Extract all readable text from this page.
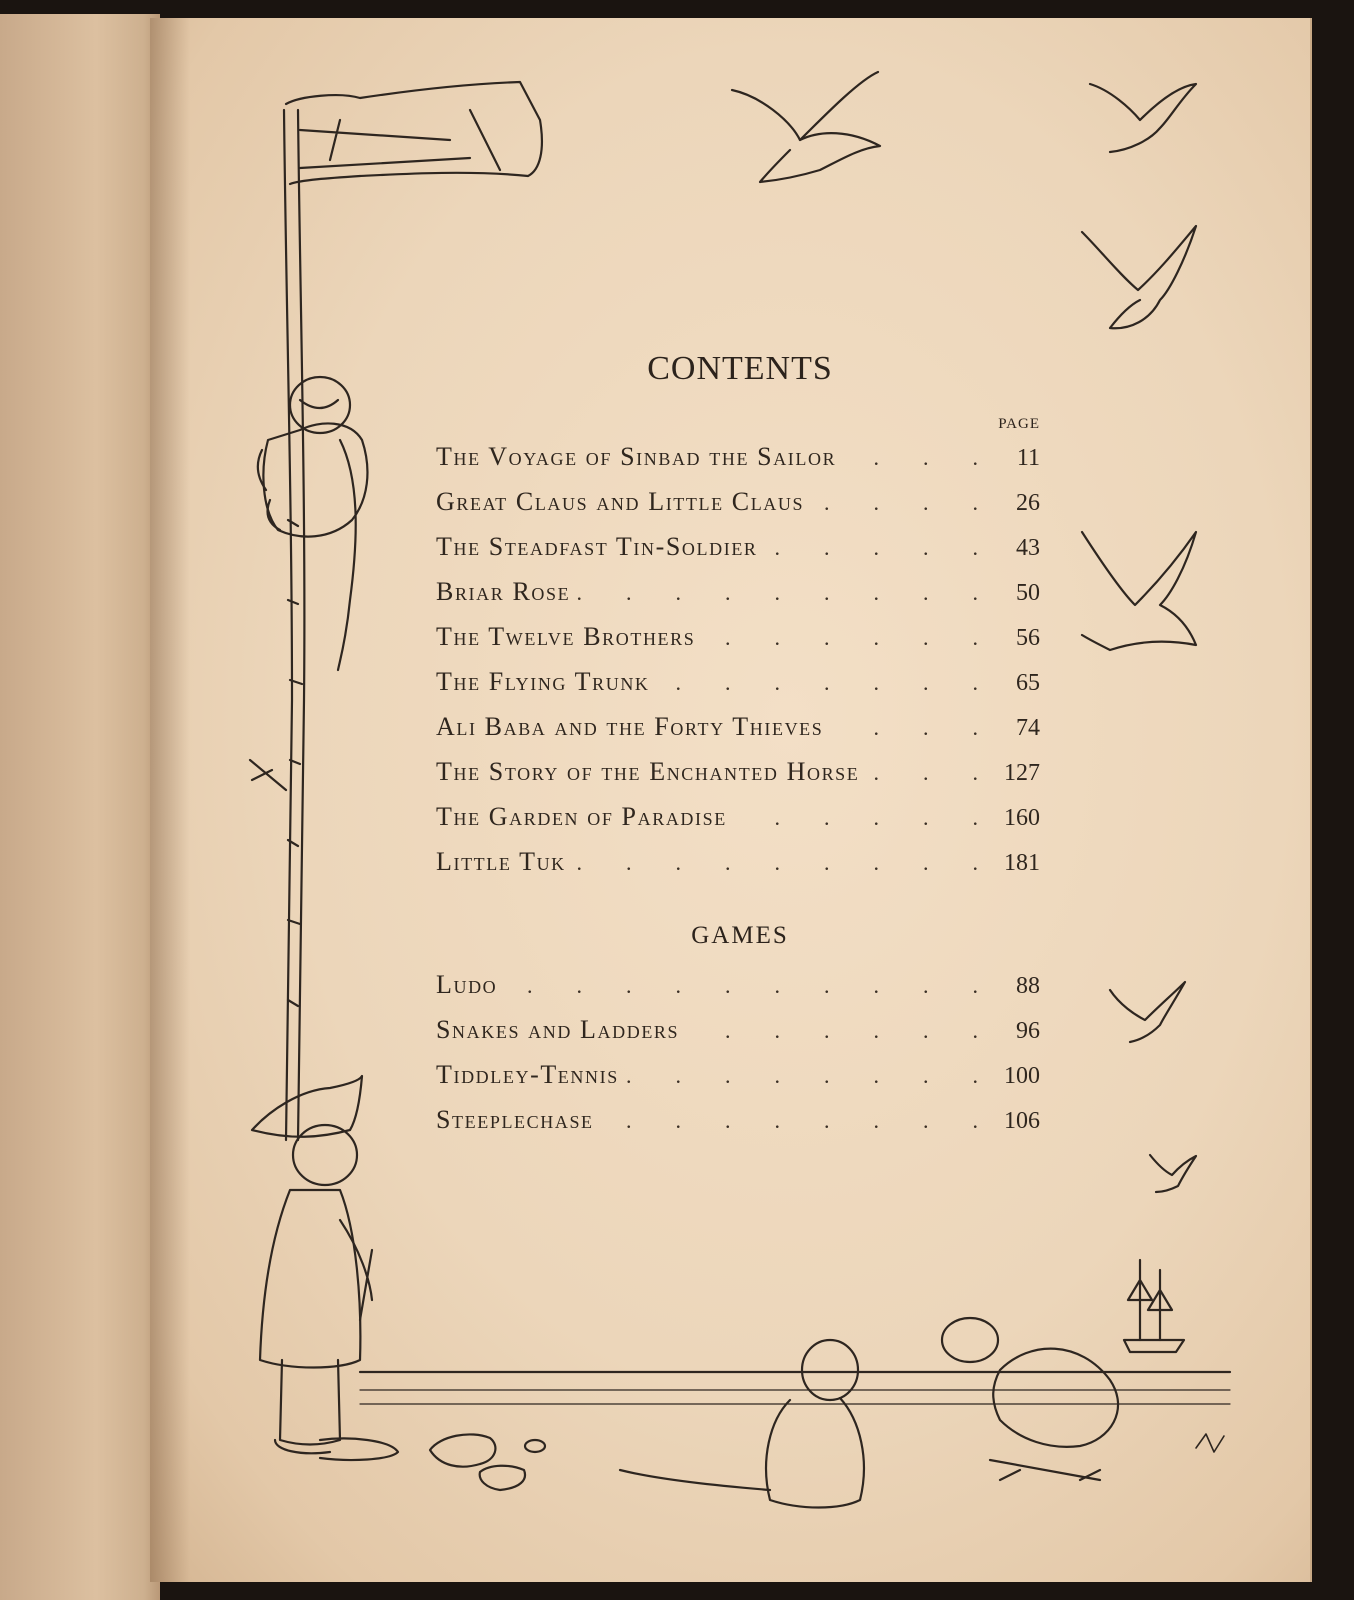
CONTENTS
PAGE
The Voyage of Sinbad the Sailor .	11
Great Claus and Little Claus .	26
The Steadfast Tin-Soldier .	43
Briar Rose .	50
The Twelve Brothers .	56
The Flying Trunk .	65
Ali Baba and the Forty Thieves .	74
The Story of the Enchanted Horse .	127
The Garden of Paradise .	160
Little Tuk .	181
GAMES
Ludo .	88
Snakes and Ladders .	96
Tiddley-Tennis .	100
Steeplechase .	106
